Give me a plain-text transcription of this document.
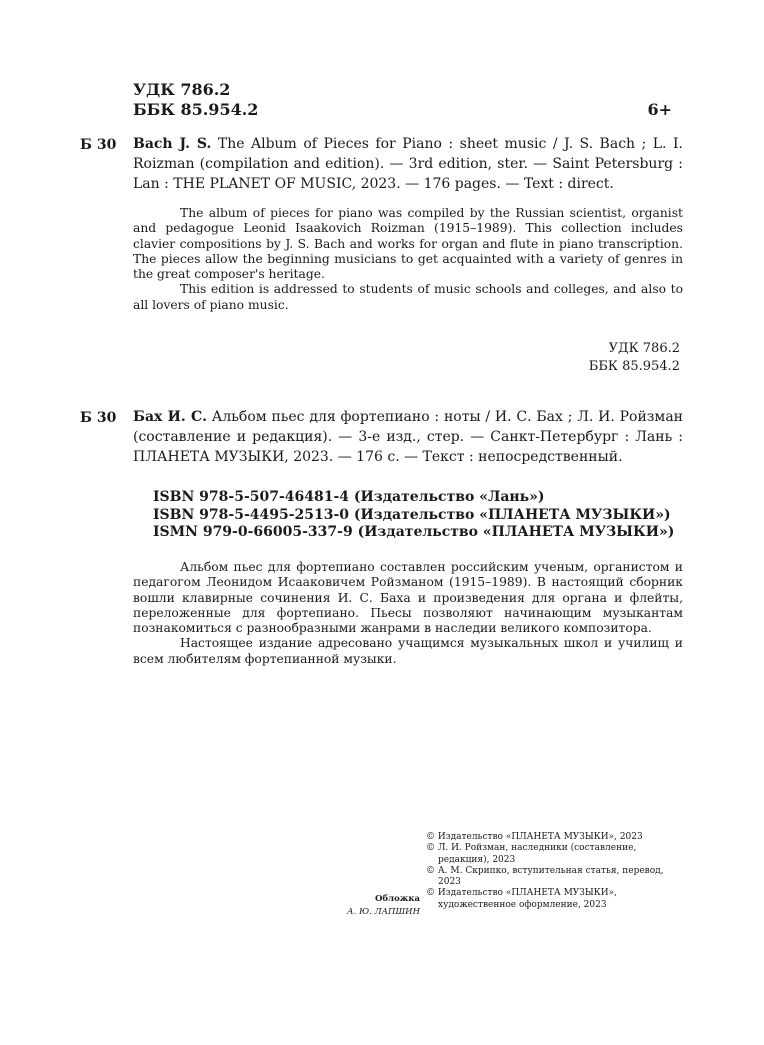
УДК 786.2
ББК 85.954.2	6+
Б 30 Bach J. S. The Album of Pieces for Piano : sheet music / J. S. Bach ; L. I. Roizman (compilation and edition). — 3rd edition, ster. — Saint Petersburg : Lan : THE PLANET OF MUSIC, 2023. — 176 pages. — Text : direct.

The album of pieces for piano was compiled by the Russian scientist, organist and pedagogue Leonid Isaakovich Roizman (1915–1989). This collection includes clavier compositions by J. S. Bach and works for organ and flute in piano transcription. The pieces allow the beginning musicians to get acquainted with a variety of genres in the great composer's heritage.

This edition is addressed to students of music schools and colleges, and also to all lovers of piano music.

УДК 786.2
ББК 85.954.2
Б 30 Бах И. С. Альбом пьес для фортепиано : ноты / И. С. Бах ; Л. И. Ройзман (составление и редакция). — 3-е изд., стер. — Санкт-Петербург : Лань : ПЛАНЕТА МУЗЫКИ, 2023. — 176 с. — Текст : непосредственный.
ISBN 978-5-507-46481-4 (Издательство «Лань»)
ISBN 978-5-4495-2513-0 (Издательство «ПЛАНЕТА МУЗЫКИ»)
ISMN 979-0-66005-337-9 (Издательство «ПЛАНЕТА МУЗЫКИ»)

Альбом пьес для фортепиано составлен российским ученым, органистом и педагогом Леонидом Исааковичем Ройзманом (1915–1989). В настоящий сборник вошли клавирные сочинения И. С. Баха и произведения для органа и флейты, переложенные для фортепиано. Пьесы позволяют начинающим музыкантам познакомиться с разнообразными жанрами в наследии великого композитора.

Настоящее издание адресовано учащимся музыкальных школ и училищ и всем любителям фортепианной музыки.

Обложка
А. Ю. ЛАПШИН
© Издательство «ПЛАНЕТА МУЗЫКИ», 2023
© Л. И. Ройзман, наследники (составление, редакция), 2023
© А. М. Скрипко, вступительная статья, перевод, 2023
© Издательство «ПЛАНЕТА МУЗЫКИ», художественное оформление, 2023
